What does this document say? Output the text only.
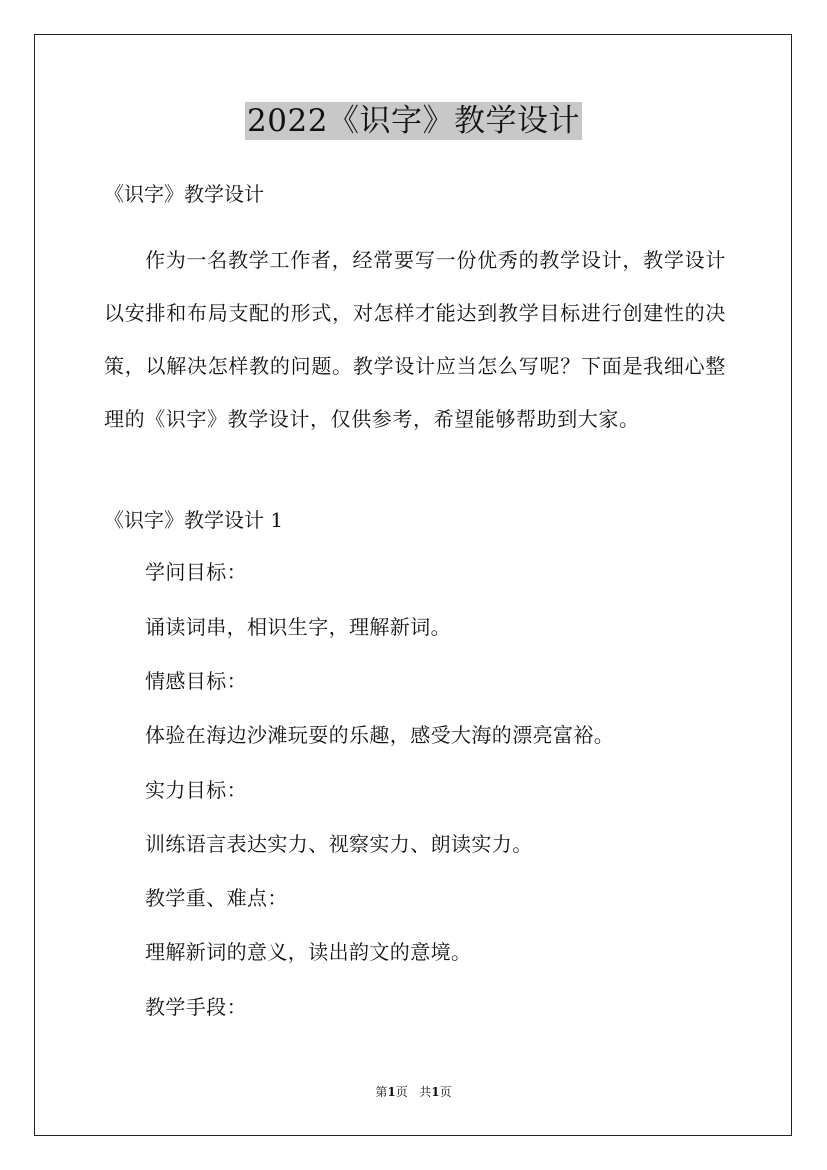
2022《识字》教学设计
《识字》教学设计
作为一名教学工作者，经常要写一份优秀的教学设计，教学设计以安排和布局支配的形式，对怎样才能达到教学目标进行创建性的决策，以解决怎样教的问题。教学设计应当怎么写呢？下面是我细心整理的《识字》教学设计，仅供参考，希望能够帮助到大家。
《识字》教学设计 1
学问目标：
诵读词串，相识生字，理解新词。
情感目标：
体验在海边沙滩玩耍的乐趣，感受大海的漂亮富裕。
实力目标：
训练语言表达实力、视察实力、朗读实力。
教学重、难点：
理解新词的意义，读出韵文的意境。
教学手段：
第1页 共1页
